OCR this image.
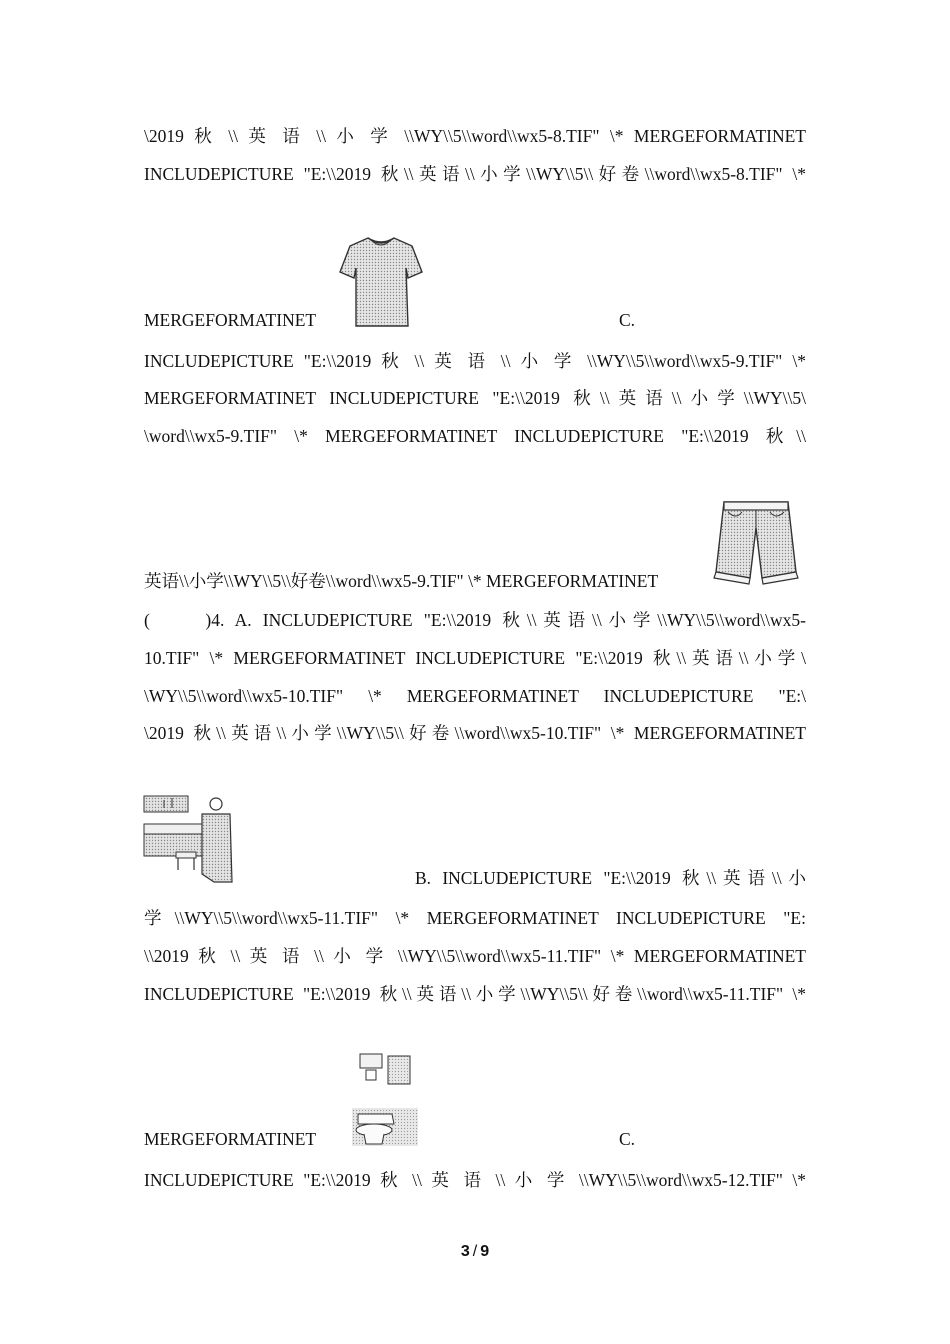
\2019 秋 \\ 英 语 \\ 小 学 \\WY\\5\\word\\wx5-8.TIF" \* MERGEFORMATINET
INCLUDEPICTURE "E:\\2019 秋\\英语\\小学\\WY\\5\\好卷\\word\\wx5-8.TIF" \*
MERGEFORMATINET	C.
INCLUDEPICTURE "E:\\2019 秋 \\ 英 语 \\ 小 学 \\WY\\5\\word\\wx5-9.TIF" \*
MERGEFORMATINET INCLUDEPICTURE "E:\\2019 秋\\英语\\小学\\WY\\5\
\word\\wx5-9.TIF" \* MERGEFORMATINET INCLUDEPICTURE "E:\\2019 秋\\
英语\\小学\\WY\\5\\好卷\\word\\wx5-9.TIF" \* MERGEFORMATINET
(　　)4. A. INCLUDEPICTURE "E:\\2019 秋\\英语\\小学\\WY\\5\\word\\wx5-
10.TIF" \* MERGEFORMATINET INCLUDEPICTURE "E:\\2019 秋\\英语\\小学\
\WY\\5\\word\\wx5-10.TIF" \* MERGEFORMATINET INCLUDEPICTURE "E:\
\2019 秋\\英语\\小学\\WY\\5\\好卷\\word\\wx5-10.TIF" \* MERGEFORMATINET
B. INCLUDEPICTURE "E:\\2019 秋\\英语\\小
学\\WY\\5\\word\\wx5-11.TIF" \* MERGEFORMATINET INCLUDEPICTURE "E:
\\2019 秋 \\ 英 语 \\ 小 学 \\WY\\5\\word\\wx5-11.TIF" \* MERGEFORMATINET
INCLUDEPICTURE "E:\\2019 秋\\英语\\小学\\WY\\5\\好卷\\word\\wx5-11.TIF" \*
MERGEFORMATINET	C.
INCLUDEPICTURE "E:\\2019 秋 \\ 英 语 \\ 小 学 \\WY\\5\\word\\wx5-12.TIF" \*
3 / 9
